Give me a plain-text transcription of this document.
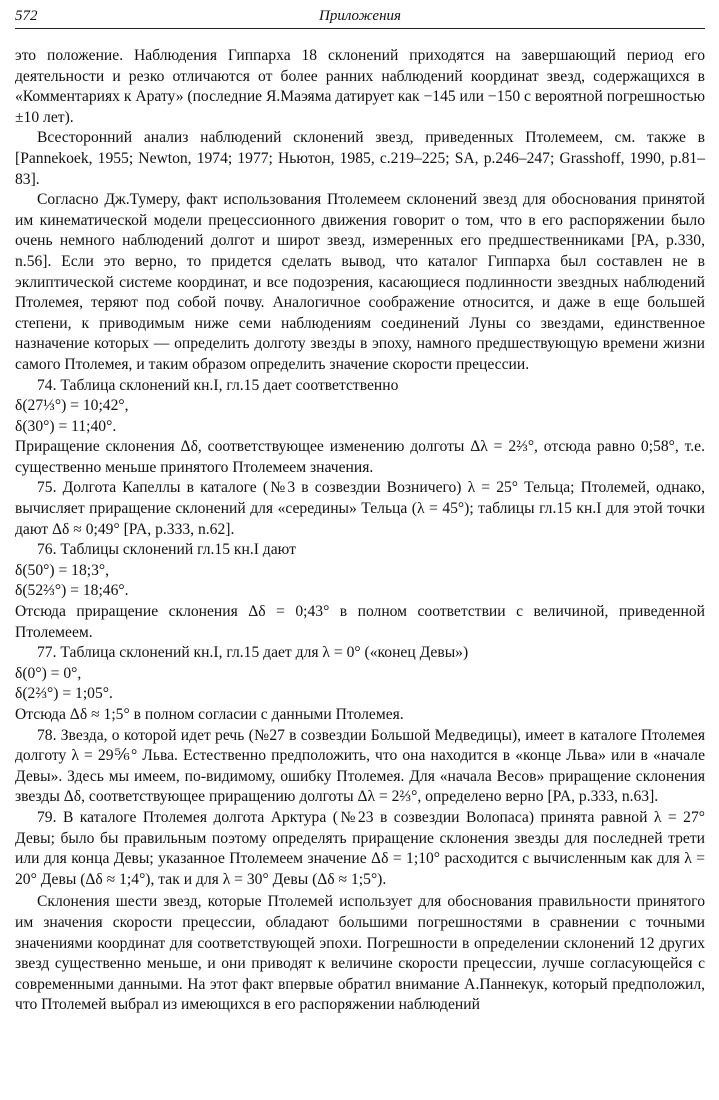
572	Приложения

это положение. Наблюдения Гиппарха 18 склонений приходятся на завершающий период его деятельности и резко отличаются от более ранних наблюдений координат звезд, содержащихся в «Комментариях к Арату» (последние Я.Маэяма датирует как −145 или −150 с вероятной погрешностью ±10 лет).

Всесторонний анализ наблюдений склонений звезд, приведенных Птолемеем, см. также в [Pannekoek, 1955; Newton, 1974; 1977; Ньютон, 1985, с.219–225; SA, р.246–247; Grasshoff, 1990, р.81–83].

Согласно Дж.Тумеру, факт использования Птолемеем склонений звезд для обоснования принятой им кинематической модели прецессионного движения говорит о том, что в его распоряжении было очень немного наблюдений долгот и широт звезд, измеренных его предшественниками [PA, p.330, n.56]. Если это верно, то придется сделать вывод, что каталог Гиппарха был составлен не в эклиптической системе координат, и все подозрения, касающиеся подлинности звездных наблюдений Птолемея, теряют под собой почву. Аналогичное соображение относится, и даже в еще большей степени, к приводимым ниже семи наблюдениям соединений Луны со звездами, единственное назначение которых — определить долготу звезды в эпоху, намного предшествующую времени жизни самого Птолемея, и таким образом определить значение скорости прецессии.

74. Таблица склонений кн.I, гл.15 дает соответственно

δ(27⅓°) = 10;42°,

δ(30°) = 11;40°.

Приращение склонения Δδ, соответствующее изменению долготы Δλ = 2⅔°, отсюда равно 0;58°, т.е. существенно меньше принятого Птолемеем значения.

75. Долгота Капеллы в каталоге (№3 в созвездии Возничего) λ = 25° Тельца; Птолемей, однако, вычисляет приращение склонений для «середины» Тельца (λ = 45°); таблицы гл.15 кн.I для этой точки дают Δδ ≈ 0;49° [PA, p.333, n.62].

76. Таблицы склонений гл.15 кн.I дают

δ(50°) = 18;3°,

δ(52⅔°) = 18;46°.

Отсюда приращение склонения Δδ = 0;43° в полном соответствии с величиной, приведенной Птолемеем.

77. Таблица склонений кн.I, гл.15 дает для λ = 0° («конец Девы»)

δ(0°) = 0°,

δ(2⅔°) = 1;05°.

Отсюда Δδ ≈ 1;5° в полном согласии с данными Птолемея.

78. Звезда, о которой идет речь (№27 в созвездии Большой Медведицы), имеет в каталоге Птолемея долготу λ = 29⅚° Льва. Естественно предположить, что она находится в «конце Льва» или в «начале Девы». Здесь мы имеем, по-видимому, ошибку Птолемея. Для «начала Весов» приращение склонения звезды Δδ, соответствующее приращению долготы Δλ = 2⅔°, определено верно [PA, p.333, n.63].

79. В каталоге Птолемея долгота Арктура (№23 в созвездии Волопаса) принята равной λ = 27° Девы; было бы правильным поэтому определять приращение склонения звезды для последней трети или для конца Девы; указанное Птолемеем значение Δδ = 1;10° расходится с вычисленным как для λ = 20° Девы (Δδ ≈ 1;4°), так и для λ = 30° Девы (Δδ ≈ 1;5°).

Склонения шести звезд, которые Птолемей использует для обоснования правильности принятого им значения скорости прецессии, обладают большими погрешностями в сравнении с точными значениями координат для соответствующей эпохи. Погрешности в определении склонений 12 других звезд существенно меньше, и они приводят к величине скорости прецессии, лучше согласующейся с современными данными. На этот факт впервые обратил внимание А.Паннекук, который предположил, что Птолемей выбрал из имеющихся в его распоряжении наблюдений
